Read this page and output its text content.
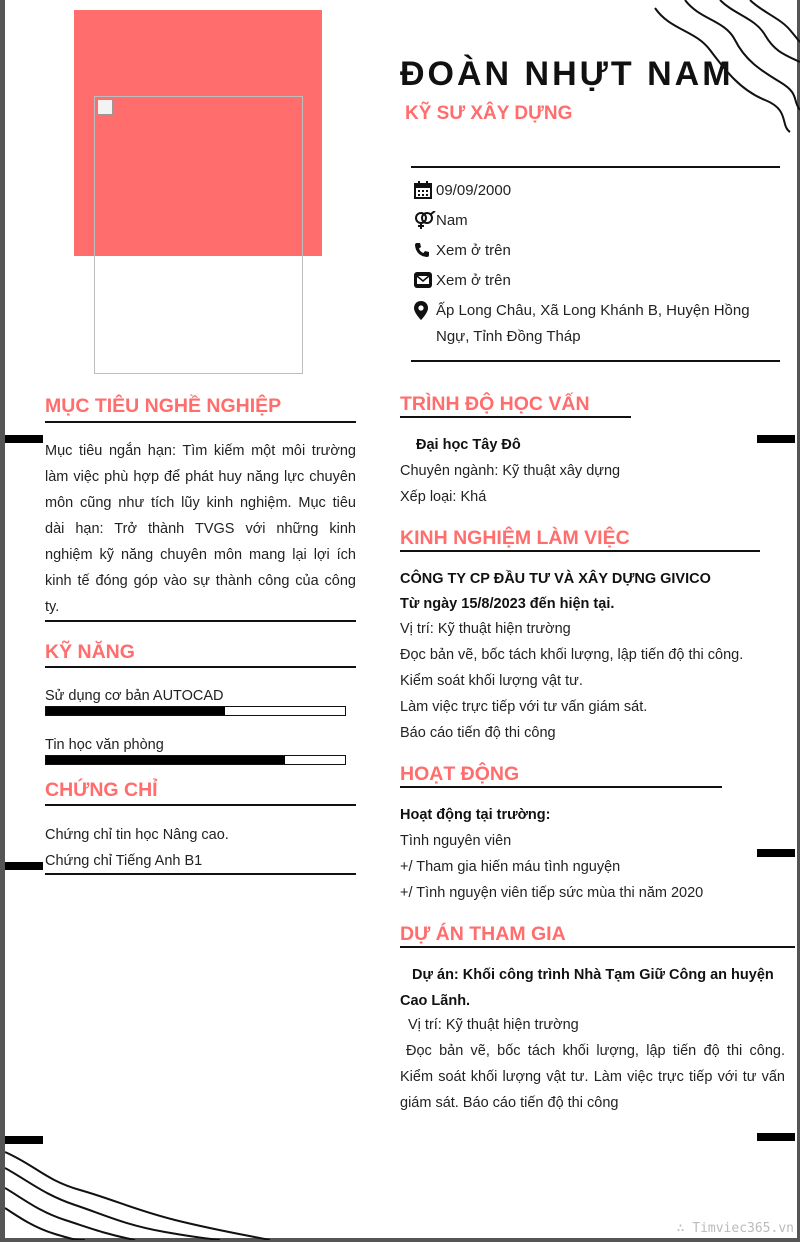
ĐOÀN NHỰT NAM
KỸ SƯ XÂY DỰNG
09/09/2000
Nam
Xem ở trên
Xem ở trên
Ấp Long Châu, Xã Long Khánh B, Huyện Hồng Ngự, Tỉnh Đồng Tháp
MỤC TIÊU NGHỀ NGHIỆP
Mục tiêu ngắn hạn: Tìm kiếm một môi trường làm việc phù hợp để phát huy năng lực chuyên môn cũng như tích lũy kinh nghiệm. Mục tiêu dài hạn: Trở thành TVGS với những kinh nghiệm kỹ năng chuyên môn mang lại lợi ích kinh tế đóng góp vào sự thành công của công ty.
KỸ NĂNG
Sử dụng cơ bản AUTOCAD
Tin học văn phòng
CHỨNG CHỈ
Chứng chỉ tin học Nâng cao.
Chứng chỉ Tiếng Anh B1
TRÌNH ĐỘ HỌC VẤN
Đại học Tây Đô
Chuyên ngành: Kỹ thuật xây dựng
Xếp loại: Khá
KINH NGHIỆM LÀM VIỆC
CÔNG TY CP ĐẦU TƯ VÀ XÂY DỰNG GIVICO
Từ ngày 15/8/2023 đến hiện tại.
Vị trí: Kỹ thuật hiện trường
Đọc bản vẽ, bốc tách khối lượng, lập tiến độ thi công.
Kiểm soát khối lượng vật tư.
Làm việc trực tiếp với tư vấn giám sát.
Báo cáo tiến độ thi công
HOẠT ĐỘNG
Hoạt động tại trường:
Tình nguyên viên
+/ Tham gia hiến máu tình nguyện
+/ Tình nguyện viên tiếp sức mùa thi năm 2020
DỰ ÁN THAM GIA
Dự án: Khối công trình Nhà Tạm Giữ Công an huyện Cao Lãnh.
Vị trí: Kỹ thuật hiện trường
Đọc bản vẽ, bốc tách khối lượng, lập tiến độ thi công. Kiểm soát khối lượng vật tư. Làm việc trực tiếp với tư vấn giám sát. Báo cáo tiến độ thi công
∴ Timviec365.vn
